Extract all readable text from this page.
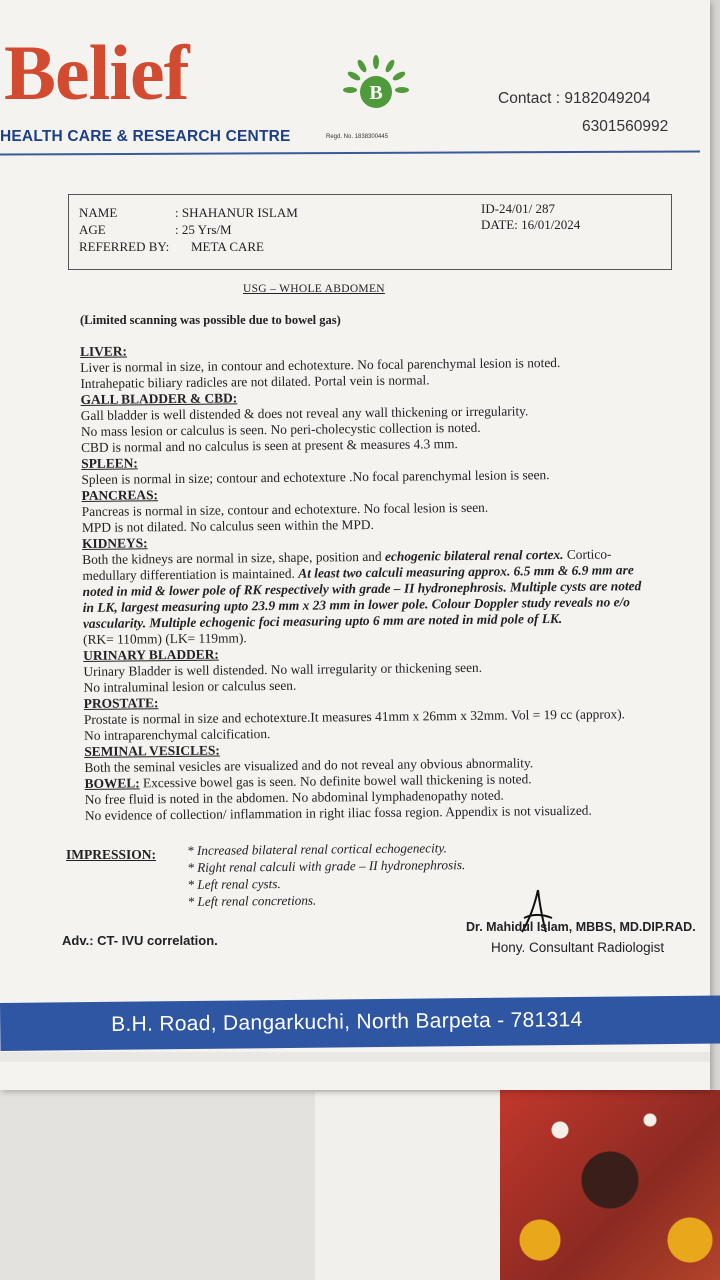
Belief
HEALTH CARE & RESEARCH CENTRE
B
Regd. No. 1838300445
Contact : 9182049204
6301560992
NAME	: SHAHANUR ISLAM
AGE	: 25 Yrs/M
REFERRED BY: META CARE
ID-24/01/ 287
DATE: 16/01/2024
USG – WHOLE ABDOMEN
(Limited scanning was possible due to bowel gas)
LIVER:
Liver is normal in size, in contour and echotexture. No focal parenchymal lesion is noted.
Intrahepatic biliary radicles are not dilated. Portal vein is normal.
GALL BLADDER & CBD:
Gall bladder is well distended & does not reveal any wall thickening or irregularity.
No mass lesion or calculus is seen. No peri-cholecystic collection is noted.
CBD is normal and no calculus is seen at present & measures 4.3 mm.
SPLEEN:
Spleen is normal in size; contour and echotexture .No focal parenchymal lesion is seen.
PANCREAS:
Pancreas is normal in size, contour and echotexture. No focal lesion is seen.
MPD is not dilated. No calculus seen within the MPD.
KIDNEYS:
Both the kidneys are normal in size, shape, position and echogenic bilateral renal cortex. Cortico-
medullary differentiation is maintained. At least two calculi measuring approx. 6.5 mm & 6.9 mm are
noted in mid & lower pole of RK respectively with grade – II hydronephrosis. Multiple cysts are noted
in LK, largest measuring upto 23.9 mm x 23 mm in lower pole. Colour Doppler study reveals no e/o
vascularity. Multiple echogenic foci measuring upto 6 mm are noted in mid pole of LK.
(RK= 110mm) (LK= 119mm).
URINARY BLADDER:
Urinary Bladder is well distended. No wall irregularity or thickening seen.
No intraluminal lesion or calculus seen.
PROSTATE:
Prostate is normal in size and echotexture.It measures 41mm x 26mm x 32mm. Vol = 19 cc (approx).
No intraparenchymal calcification.
SEMINAL VESICLES:
Both the seminal vesicles are visualized and do not reveal any obvious abnormality.
BOWEL: Excessive bowel gas is seen. No definite bowel wall thickening is noted.
No free fluid is noted in the abdomen. No abdominal lymphadenopathy noted.
No evidence of collection/ inflammation in right iliac fossa region. Appendix is not visualized.
IMPRESSION: * Increased bilateral renal cortical echogenecity.
* Right renal calculi with grade – II hydronephrosis.
* Left renal cysts.
* Left renal concretions.
Adv.: CT- IVU correlation.
Dr. Mahidul Islam, MBBS, MD.DIP.RAD.
Hony. Consultant Radiologist
B.H. Road, Dangarkuchi, North Barpeta - 781314
